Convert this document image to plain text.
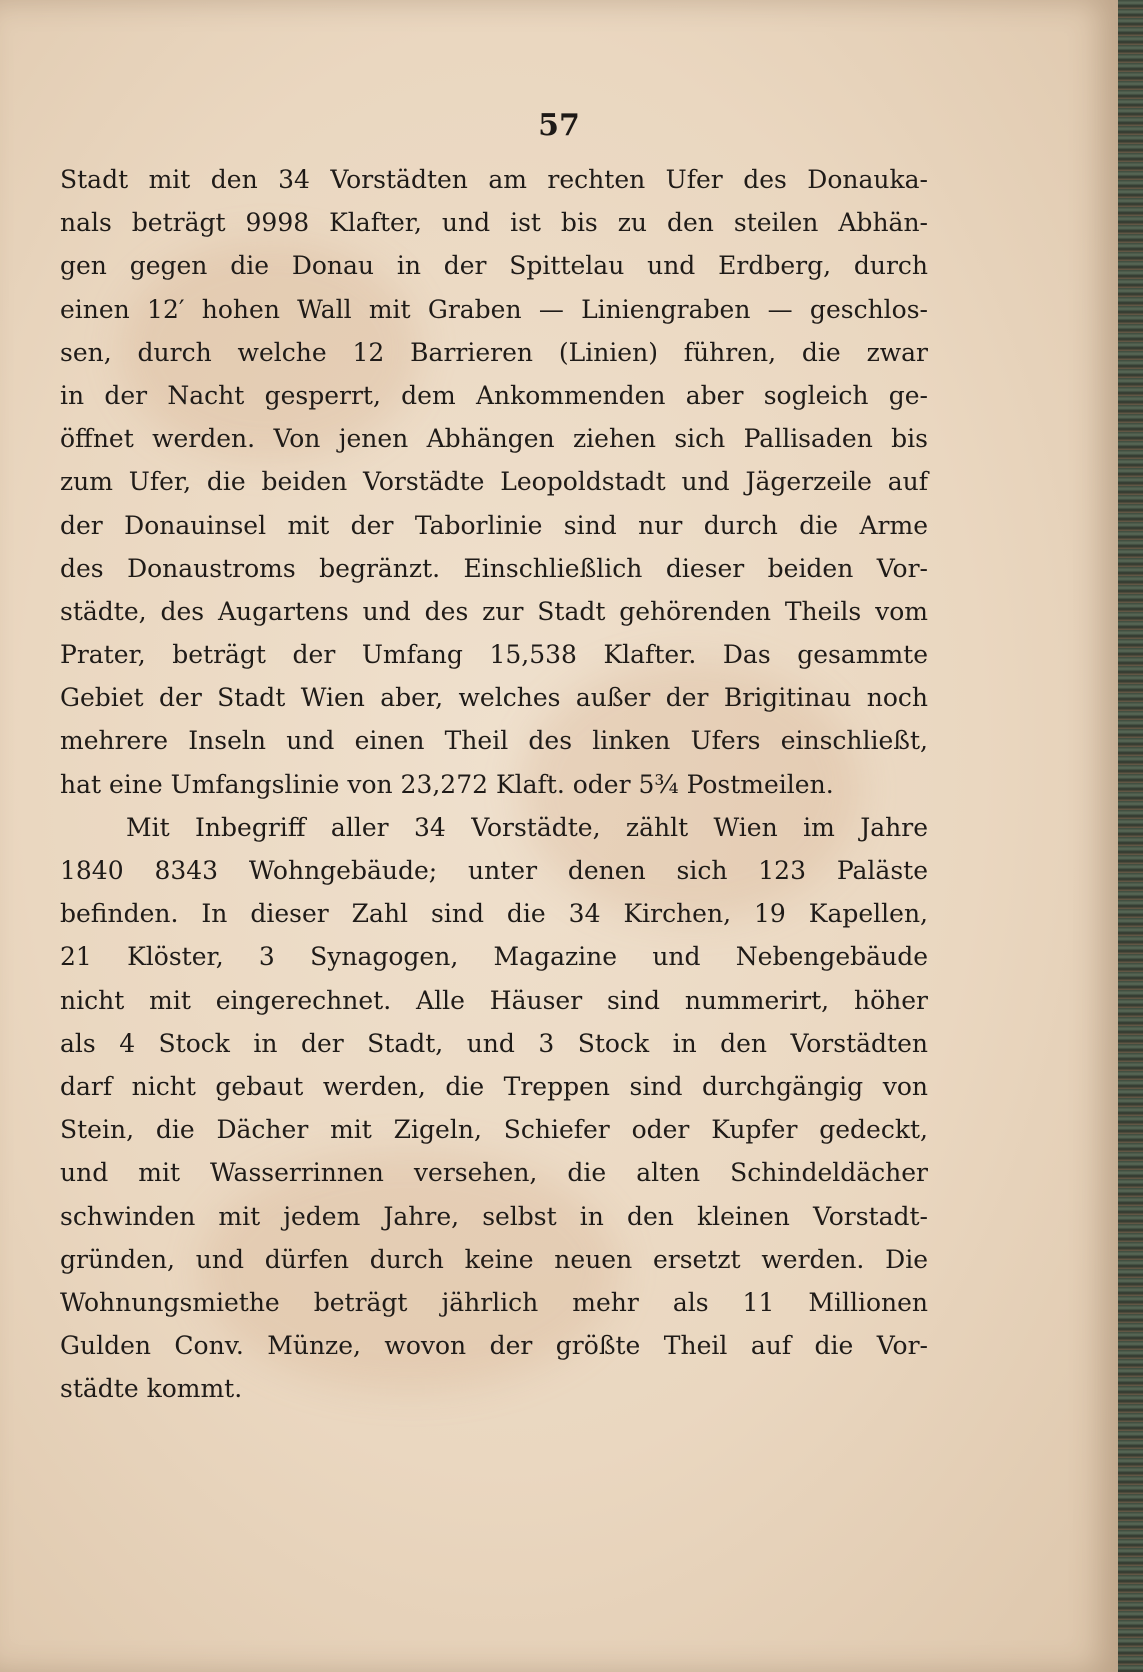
57
Stadt mit den 34 Vorstädten am rechten Ufer des Donauka-
nals beträgt 9998 Klafter, und ist bis zu den steilen Abhän-
gen gegen die Donau in der Spittelau und Erdberg, durch
einen 12′ hohen Wall mit Graben — Liniengraben — geschlos-
sen, durch welche 12 Barrieren (Linien) führen, die zwar
in der Nacht gesperrt, dem Ankommenden aber sogleich ge-
öffnet werden. Von jenen Abhängen ziehen sich Pallisaden bis
zum Ufer, die beiden Vorstädte Leopoldstadt und Jägerzeile auf
der Donauinsel mit der Taborlinie sind nur durch die Arme
des Donaustroms begränzt. Einschließlich dieser beiden Vor-
städte, des Augartens und des zur Stadt gehörenden Theils vom
Prater, beträgt der Umfang 15,538 Klafter. Das gesammte
Gebiet der Stadt Wien aber, welches außer der Brigitinau noch
mehrere Inseln und einen Theil des linken Ufers einschließt,
hat eine Umfangslinie von 23,272 Klaft. oder 5¾ Postmeilen.
Mit Inbegriff aller 34 Vorstädte, zählt Wien im Jahre
1840 8343 Wohngebäude; unter denen sich 123 Paläste
befinden. In dieser Zahl sind die 34 Kirchen, 19 Kapellen,
21 Klöster, 3 Synagogen, Magazine und Nebengebäude
nicht mit eingerechnet. Alle Häuser sind nummerirt, höher
als 4 Stock in der Stadt, und 3 Stock in den Vorstädten
darf nicht gebaut werden, die Treppen sind durchgängig von
Stein, die Dächer mit Zigeln, Schiefer oder Kupfer gedeckt,
und mit Wasserrinnen versehen, die alten Schindeldächer
schwinden mit jedem Jahre, selbst in den kleinen Vorstadt-
gründen, und dürfen durch keine neuen ersetzt werden. Die
Wohnungsmiethe beträgt jährlich mehr als 11 Millionen
Gulden Conv. Münze, wovon der größte Theil auf die Vor-
städte kommt.
